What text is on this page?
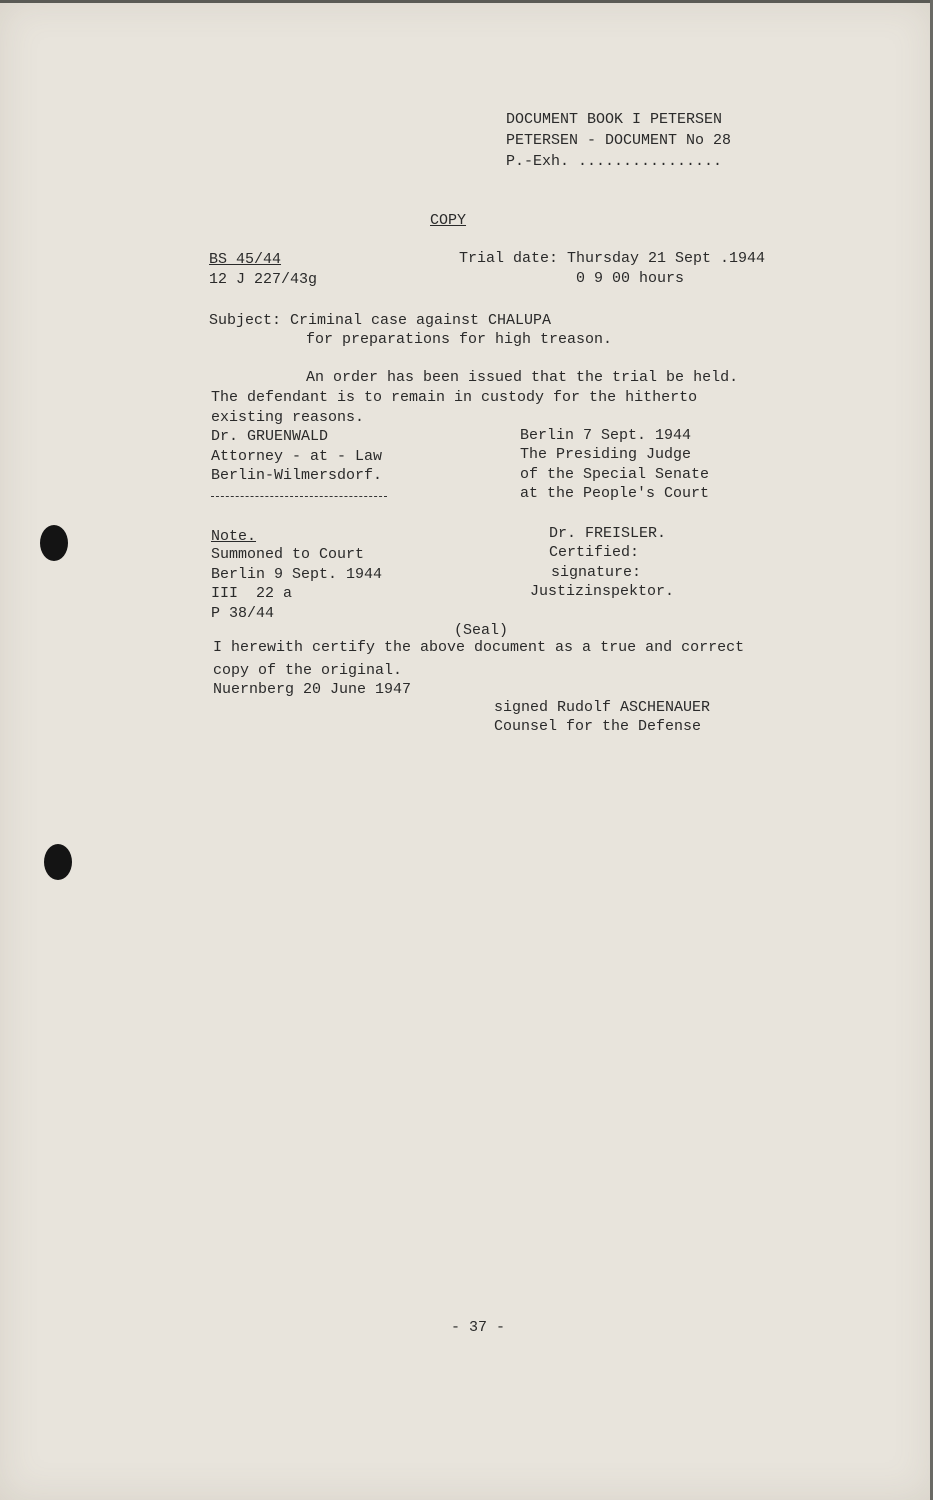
DOCUMENT BOOK I PETERSEN
PETERSEN - DOCUMENT No 28
P.-Exh. ................
COPY
BS 45/44
12 J 227/43g
Trial date: Thursday 21 Sept .1944
0 9 00 hours
Subject: Criminal case against CHALUPA
for preparations for high treason.
An order has been issued that the trial be held.
The defendant is to remain in custody for the hitherto
existing reasons.
Dr. GRUENWALD
Attorney - at - Law
Berlin-Wilmersdorf.
Berlin 7 Sept. 1944
The Presiding Judge
of the Special Senate
at the People's Court
Note.
Summoned to Court
Berlin 9 Sept. 1944
III  22 a
P 38/44
Dr. FREISLER.
Certified:
signature:
Justizinspektor.
(Seal)
I herewith certify the above document as a true and correct
copy of the original.
Nuernberg 20 June 1947
signed Rudolf ASCHENAUER
Counsel for the Defense
- 37 -
